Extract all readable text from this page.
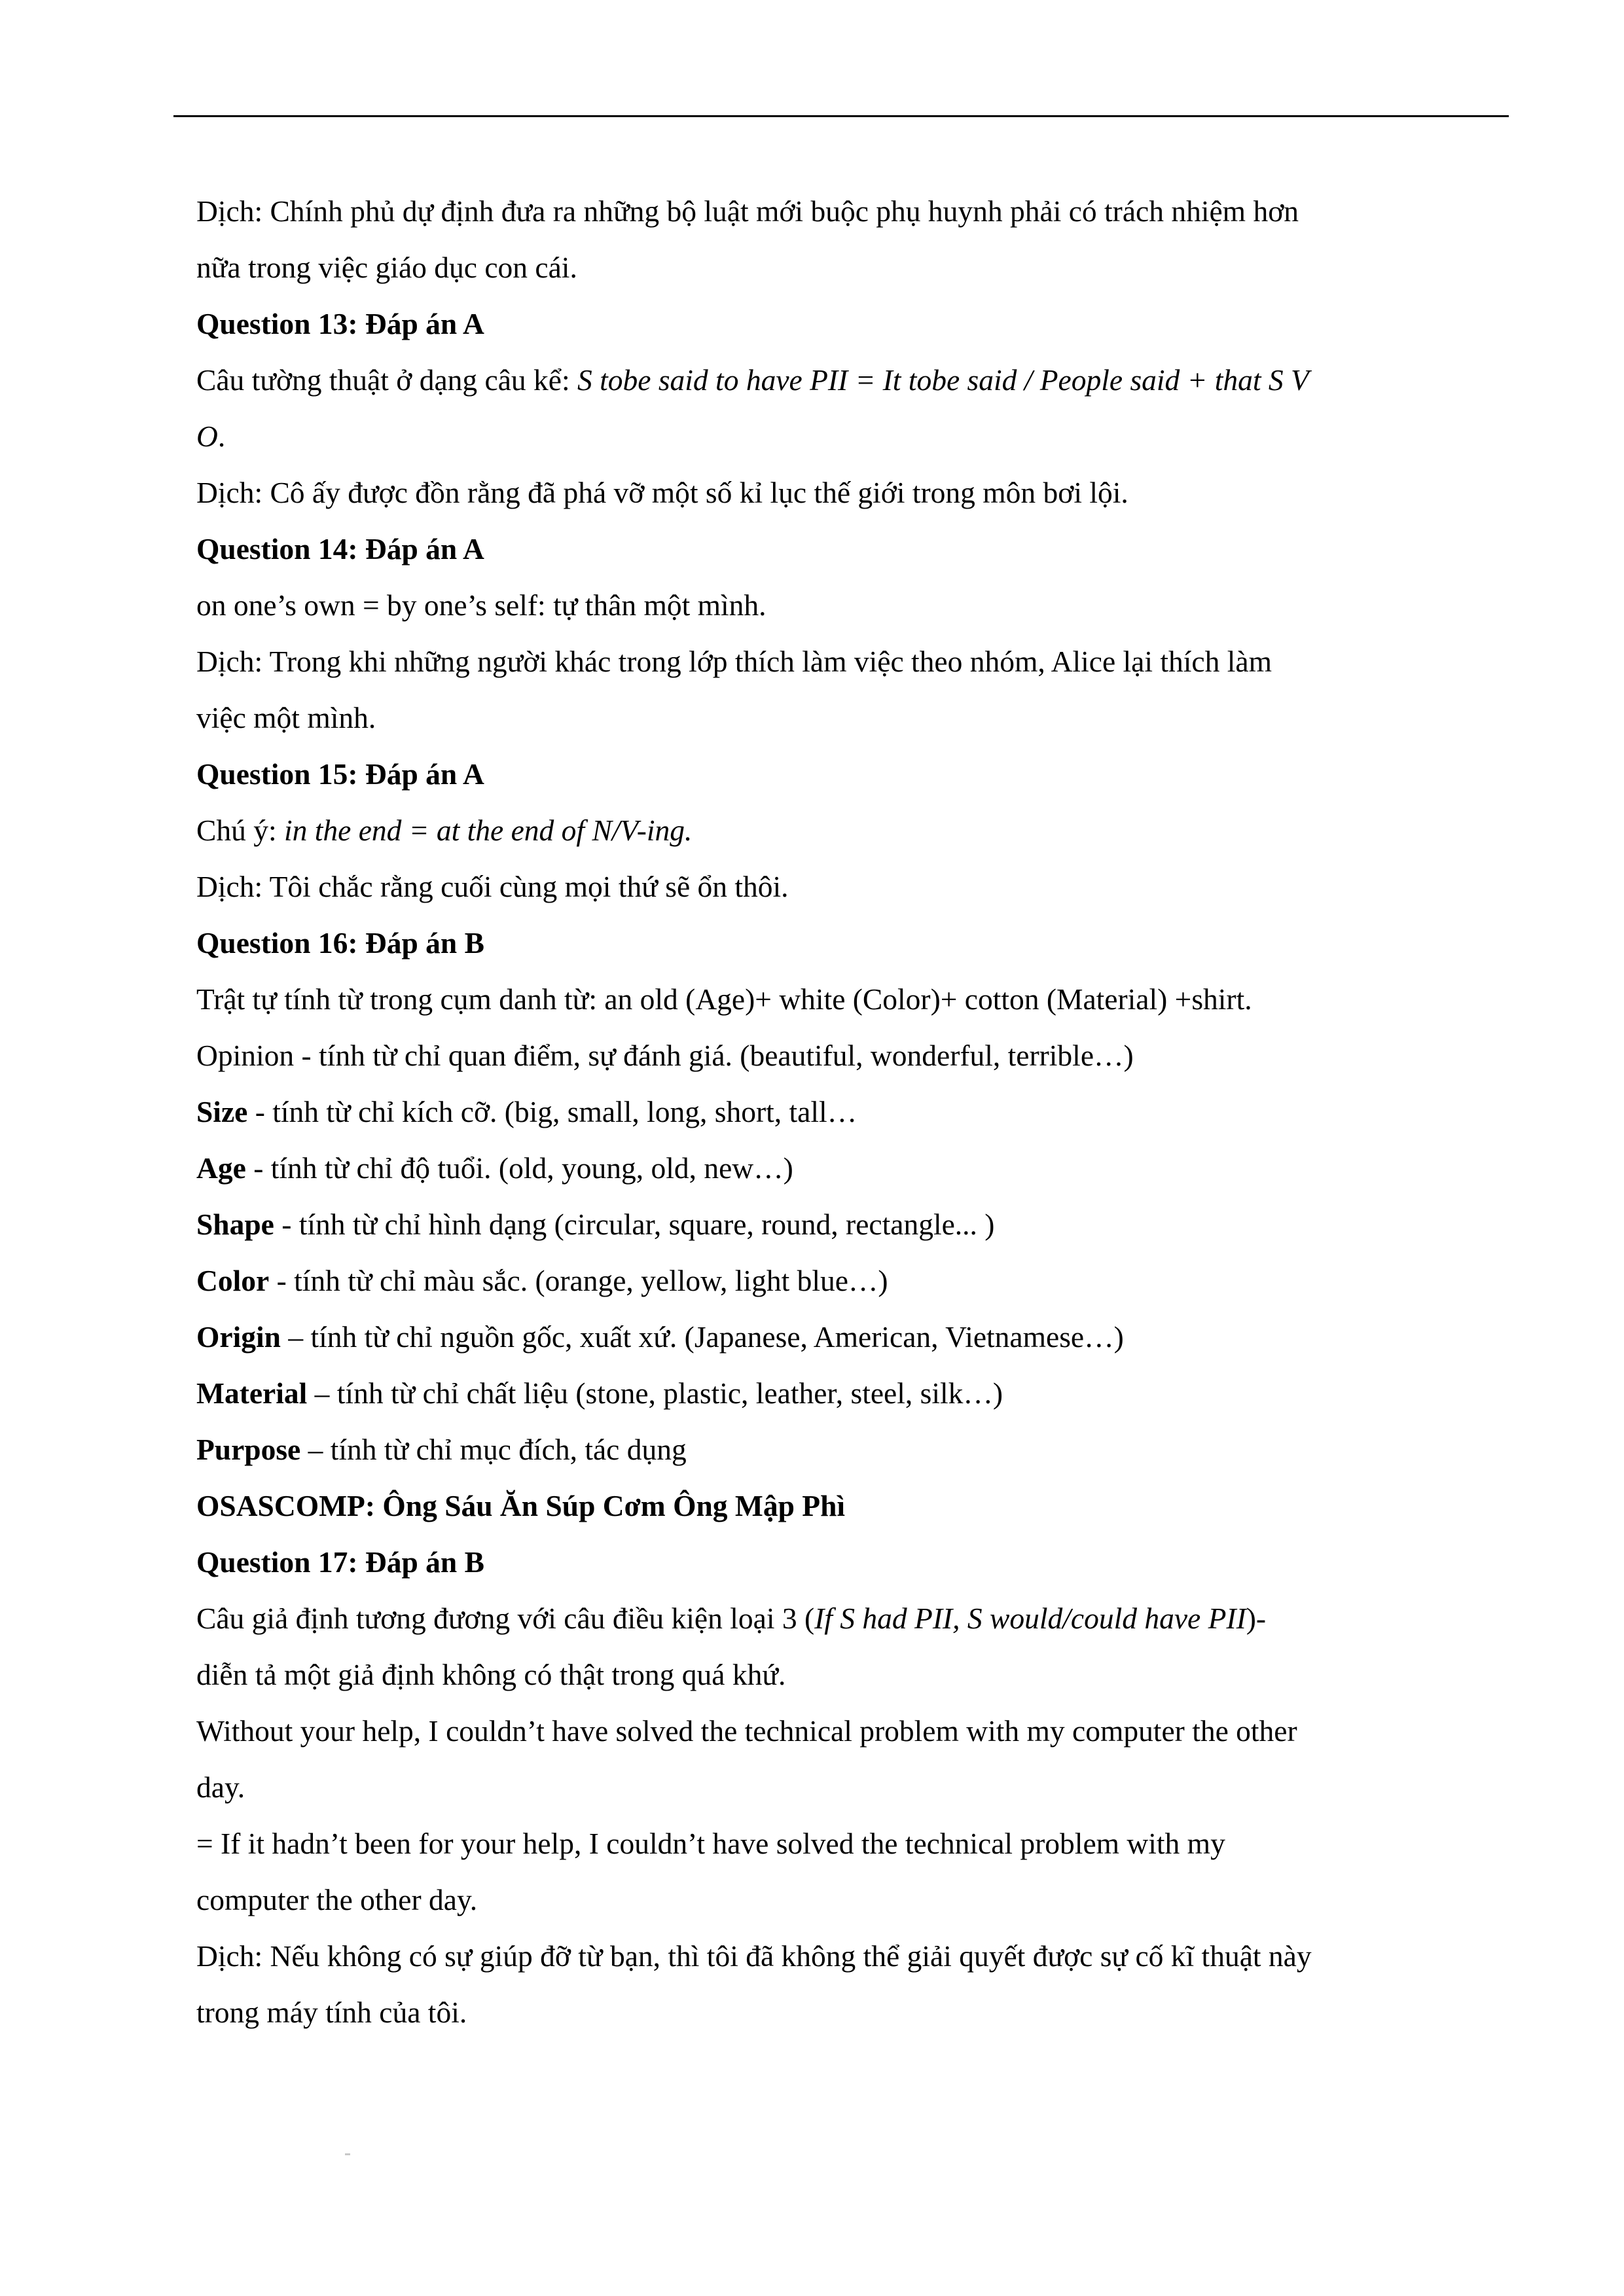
Dịch: Chính phủ dự định đưa ra những bộ luật mới buộc phụ huynh phải có trách nhiệm hơn
nữa trong việc giáo dục con cái.
Question 13: Đáp án A
Câu tường thuật ở dạng câu kể: S tobe said to have PII = It tobe said / People said + that S V
O.
Dịch: Cô ấy được đồn rằng đã phá vỡ một số kỉ lục thế giới trong môn bơi lội.
Question 14: Đáp án A
on one’s own = by one’s self: tự thân một mình.
Dịch: Trong khi những người khác trong lớp thích làm việc theo nhóm, Alice lại thích làm
việc một mình.
Question 15: Đáp án A
Chú ý: in the end = at the end of N/V-ing.
Dịch: Tôi chắc rằng cuối cùng mọi thứ sẽ ổn thôi.
Question 16: Đáp án B
Trật tự tính từ trong cụm danh từ: an old (Age)+ white (Color)+ cotton (Material) +shirt.
Opinion - tính từ chỉ quan điểm, sự đánh giá. (beautiful, wonderful, terrible…)
Size - tính từ chỉ kích cỡ. (big, small, long, short, tall…
Age - tính từ chỉ độ tuổi. (old, young, old, new…)
Shape - tính từ chỉ hình dạng (circular, square, round, rectangle... )
Color - tính từ chỉ màu sắc. (orange, yellow, light blue…)
Origin – tính từ chỉ nguồn gốc, xuất xứ. (Japanese, American, Vietnamese…)
Material – tính từ chỉ chất liệu (stone, plastic, leather, steel, silk…)
Purpose – tính từ chỉ mục đích, tác dụng
OSASCOMP: Ông Sáu Ăn Súp Cơm Ông Mập Phì
Question 17: Đáp án B
Câu giả định tương đương với câu điều kiện loại 3 (If S had PII, S would/could have PII)-
diễn tả một giả định không có thật trong quá khứ.
Without your help, I couldn’t have solved the technical problem with my computer the other
day.
= If it hadn’t been for your help, I couldn’t have solved the technical problem with my
computer the other day.
Dịch: Nếu không có sự giúp đỡ từ bạn, thì tôi đã không thể giải quyết được sự cố kĩ thuật này
trong máy tính của tôi.
